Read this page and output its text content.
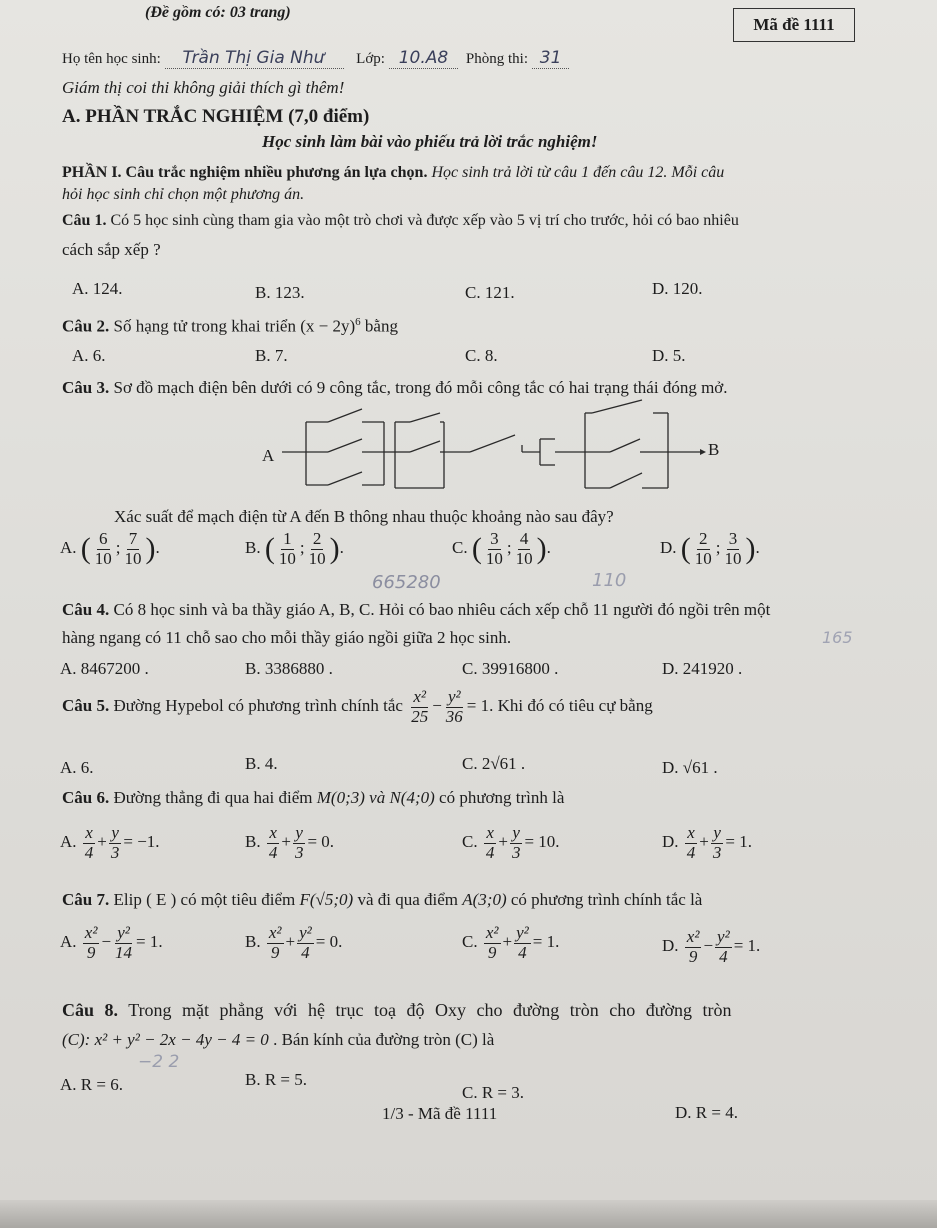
(Đề gồm có: 03 trang)
Mã đề 1111
Họ tên học sinh: Trần Thị Gia Như Lớp: 10.A8 Phòng thi: 31
Giám thị coi thi không giải thích gì thêm!
A. PHẦN TRẮC NGHIỆM (7,0 điểm)
Học sinh làm bài vào phiếu trả lời trắc nghiệm!
PHẦN I. Câu trắc nghiệm nhiều phương án lựa chọn. Học sinh trả lời từ câu 1 đến câu 12. Mỗi câu
hỏi học sinh chỉ chọn một phương án.
Câu 1. Có 5 học sinh cùng tham gia vào một trò chơi và được xếp vào 5 vị trí cho trước, hỏi có bao nhiêu
cách sắp xếp ?
A. 124.	B. 123.	C. 121.	D. 120.
Câu 2. Số hạng tử trong khai triển $(x - 2y)^6$ bằng
A. 6.	B. 7.	C. 8.	D. 5.
Câu 3. Sơ đồ mạch điện bên dưới có 9 công tắc, trong đó mỗi công tắc có hai trạng thái đóng mở.
A	B
Xác suất để mạch điện từ A đến B thông nhau thuộc khoảng nào sau đây?
A. ( $\frac{6}{10}$ ; $\frac{7}{10}$ ).	B. ( $\frac{1}{10}$ ; $\frac{2}{10}$ ).	C. ( $\frac{3}{10}$ ; $\frac{4}{10}$ ).	D. ( $\frac{2}{10}$ ; $\frac{3}{10}$ ).
665280	110
Câu 4. Có 8 học sinh và ba thầy giáo A, B, C. Hỏi có bao nhiêu cách xếp chỗ 11 người đó ngồi trên một
hàng ngang có 11 chỗ sao cho mỗi thầy giáo ngồi giữa 2 học sinh.	165
A. 8467200 .	B. 3386880 .	C. 39916800 .	D. 241920 .
Câu 5. Đường Hypebol có phương trình chính tắc $\frac{\text{x²}}{25} - \frac{\text{y²}}{36} = 1$. Khi đó có tiêu cự bằng
A. 6.	B. 4.	C. 2√61 .	D. √61 .
Câu 6. Đường thẳng đi qua hai điểm M(0;3) và N(4;0) có phương trình là
A. $\frac{x}{4} + \frac{y}{3} = -1$.	B. $\frac{x}{4} + \frac{y}{3} = 0$.	C. $\frac{x}{4} + \frac{y}{3} = 10$.	D. $\frac{x}{4} + \frac{y}{3} = 1$.
Câu 7. Elip ( E ) có một tiêu điểm F(√5;0) và đi qua điểm A(3;0) có phương trình chính tắc là
A. $\frac{\text{x²}}{9} - \frac{\text{y²}}{14} = 1$.	B. $\frac{\text{x²}}{9} + \frac{\text{y²}}{4} = 0$.	C. $\frac{\text{x²}}{9} + \frac{\text{y²}}{4} = 1$.	D. $\frac{\text{x²}}{9} - \frac{\text{y²}}{4} = 1$.
Câu 8. Trong mặt phẳng với hệ trục toạ độ Oxy cho đường tròn cho đường tròn
(C): x² + y² − 2x − 4y − 4 = 0 . Bán kính của đường tròn (C) là
−2 2
A. R = 6.	B. R = 5.
C. R = 3.
D. R = 4.
1/3 - Mã đề 1111
